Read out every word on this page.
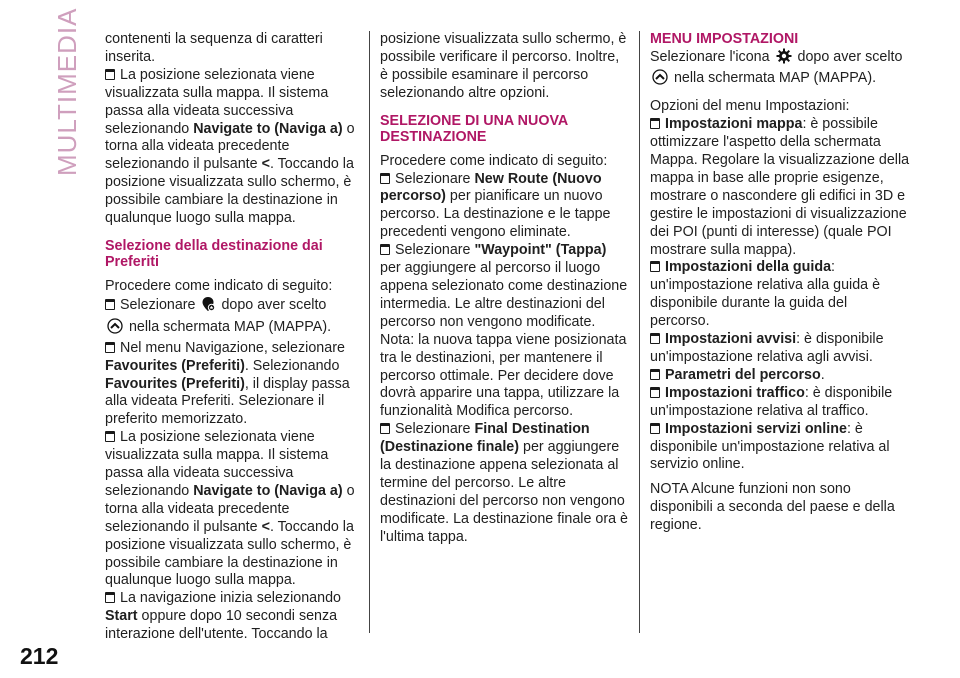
MULTIMEDIA
212

contenenti la sequenza di caratteri inserita.

La posizione selezionata viene visualizzata sulla mappa. Il sistema passa alla videata successiva selezionando Navigate to (Naviga a) o torna alla videata precedente selezionando il pulsante <. Toccando la posizione visualizzata sullo schermo, è possibile cambiare la destinazione in qualunque luogo sulla mappa.

Selezione della destinazione dai Preferiti

Procedere come indicato di seguito:

Selezionare  dopo aver scelto
nella schermata MAP (MAPPA).

Nel menu Navigazione, selezionare Favourites (Preferiti). Selezionando Favourites (Preferiti), il display passa alla videata Preferiti. Selezionare il preferito memorizzato.

La posizione selezionata viene visualizzata sulla mappa. Il sistema passa alla videata successiva selezionando Navigate to (Naviga a) o torna alla videata precedente selezionando il pulsante <. Toccando la posizione visualizzata sullo schermo, è possibile cambiare la destinazione in qualunque luogo sulla mappa.

La navigazione inizia selezionando Start oppure dopo 10 secondi senza interazione dell'utente. Toccando la

posizione visualizzata sullo schermo, è possibile verificare il percorso. Inoltre, è possibile esaminare il percorso selezionando altre opzioni.

SELEZIONE DI UNA NUOVA DESTINAZIONE

Procedere come indicato di seguito:

Selezionare New Route (Nuovo percorso) per pianificare un nuovo percorso. La destinazione e le tappe precedenti vengono eliminate.

Selezionare "Waypoint" (Tappa) per aggiungere al percorso il luogo appena selezionato come destinazione intermedia. Le altre destinazioni del percorso non vengono modificate. Nota: la nuova tappa viene posizionata tra le destinazioni, per mantenere il percorso ottimale. Per decidere dove dovrà apparire una tappa, utilizzare la funzionalità Modifica percorso.

Selezionare Final Destination (Destinazione finale) per aggiungere la destinazione appena selezionata al termine del percorso. Le altre destinazioni del percorso non vengono modificate. La destinazione finale ora è l'ultima tappa.

MENU IMPOSTAZIONI

Selezionare l'icona  dopo aver scelto
nella schermata MAP (MAPPA).

Opzioni del menu Impostazioni:

Impostazioni mappa: è possibile ottimizzare l'aspetto della schermata Mappa. Regolare la visualizzazione della mappa in base alle proprie esigenze, mostrare o nascondere gli edifici in 3D e gestire le impostazioni di visualizzazione dei POI (punti di interesse) (quale POI mostrare sulla mappa).

Impostazioni della guida: un'impostazione relativa alla guida è disponibile durante la guida del percorso.

Impostazioni avvisi: è disponibile un'impostazione relativa agli avvisi.

Parametri del percorso.

Impostazioni traffico: è disponibile un'impostazione relativa al traffico.

Impostazioni servizi online: è disponibile un'impostazione relativa al servizio online.

NOTA Alcune funzioni non sono disponibili a seconda del paese e della regione.
